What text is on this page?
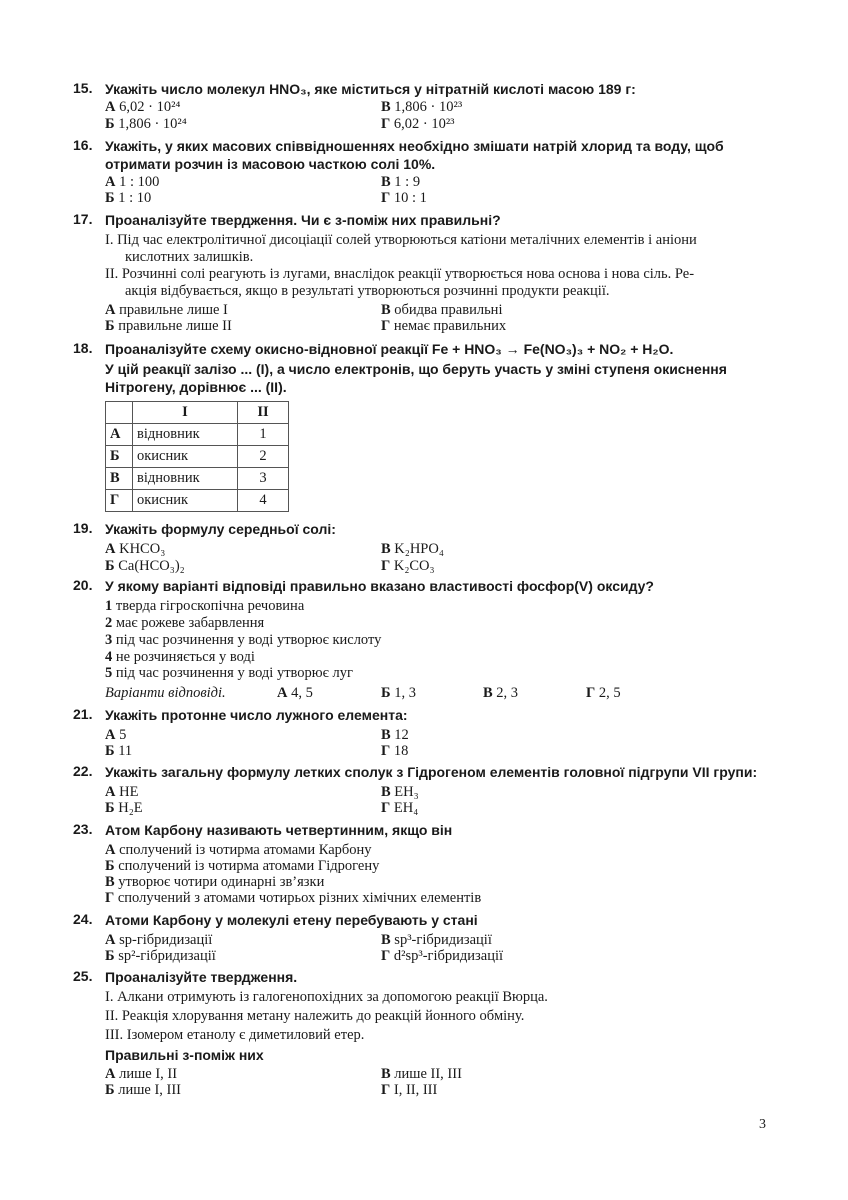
15. Укажіть число молекул HNO₃, яке міститься у нітратній кислоті масою 189 г:
А 6,02 · 10²⁴	В 1,806 · 10²³
Б 1,806 · 10²⁴	Г 6,02 · 10²³
16. Укажіть, у яких масових співвідношеннях необхідно змішати натрій хлорид та воду, щоб отримати розчин із масовою часткою солі 10%.
А 1 : 100	В 1 : 9
Б 1 : 10	Г 10 : 1
17. Проаналізуйте твердження. Чи є з-поміж них правильні?
I. Під час електролітичної дисоціації солей утворюються катіони металічних елементів і аніони
кислотних залишків.
II. Розчинні солі реагують із лугами, внаслідок реакції утворюється нова основа і нова сіль. Ре-
акція відбувається, якщо в результаті утворюються розчинні продукти реакції.
А правильне лише I	В обидва правильні
Б правильне лише II	Г немає правильних
18. Проаналізуйте схему окисно-відновної реакції Fe + HNO₃ → Fe(NO₃)₃ + NO₂ + H₂O.
У цій реакції залізо ... (I), а число електронів, що беруть участь у зміні ступеня окиснення Нітрогену, дорівнює ... (II).
	I	II
А	відновник	1
Б	окисник	2
В	відновник	3
Г	окисник	4
19. Укажіть формулу середньої солі:
А KHCO₃	В K₂HPO₄
Б Ca(HCO₃)₂	Г K₂CO₃
20. У якому варіанті відповіді правильно вказано властивості фосфор(V) оксиду?
1 тверда гігроскопічна речовина
2 має рожеве забарвлення
3 під час розчинення у воді утворює кислоту
4 не розчиняється у воді
5 під час розчинення у воді утворює луг
Варіанти відповіді.	А 4, 5	Б 1, 3	В 2, 3	Г 2, 5
21. Укажіть протонне число лужного елемента:
А 5	В 12
Б 11	Г 18
22. Укажіть загальну формулу летких сполук з Гідрогеном елементів головної підгрупи VII групи:
А HE	В EH₃
Б H₂E	Г EH₄
23. Атом Карбону називають четвертинним, якщо він
А сполучений із чотирма атомами Карбону
Б сполучений із чотирма атомами Гідрогену
В утворює чотири одинарні зв’язки
Г сполучений з атомами чотирьох різних хімічних елементів
24. Атоми Карбону у молекулі етену перебувають у стані
А sp-гібридизації	В sp³-гібридизації
Б sp²-гібридизації	Г d²sp³-гібридизації
25. Проаналізуйте твердження.
I. Алкани отримують із галогенопохідних за допомогою реакції Вюрца.
II. Реакція хлорування метану належить до реакцій йонного обміну.
III. Ізомером етанолу є диметиловий етер.
Правильні з-поміж них
А лише I, II	В лише II, III
Б лише I, III	Г I, II, III
3
